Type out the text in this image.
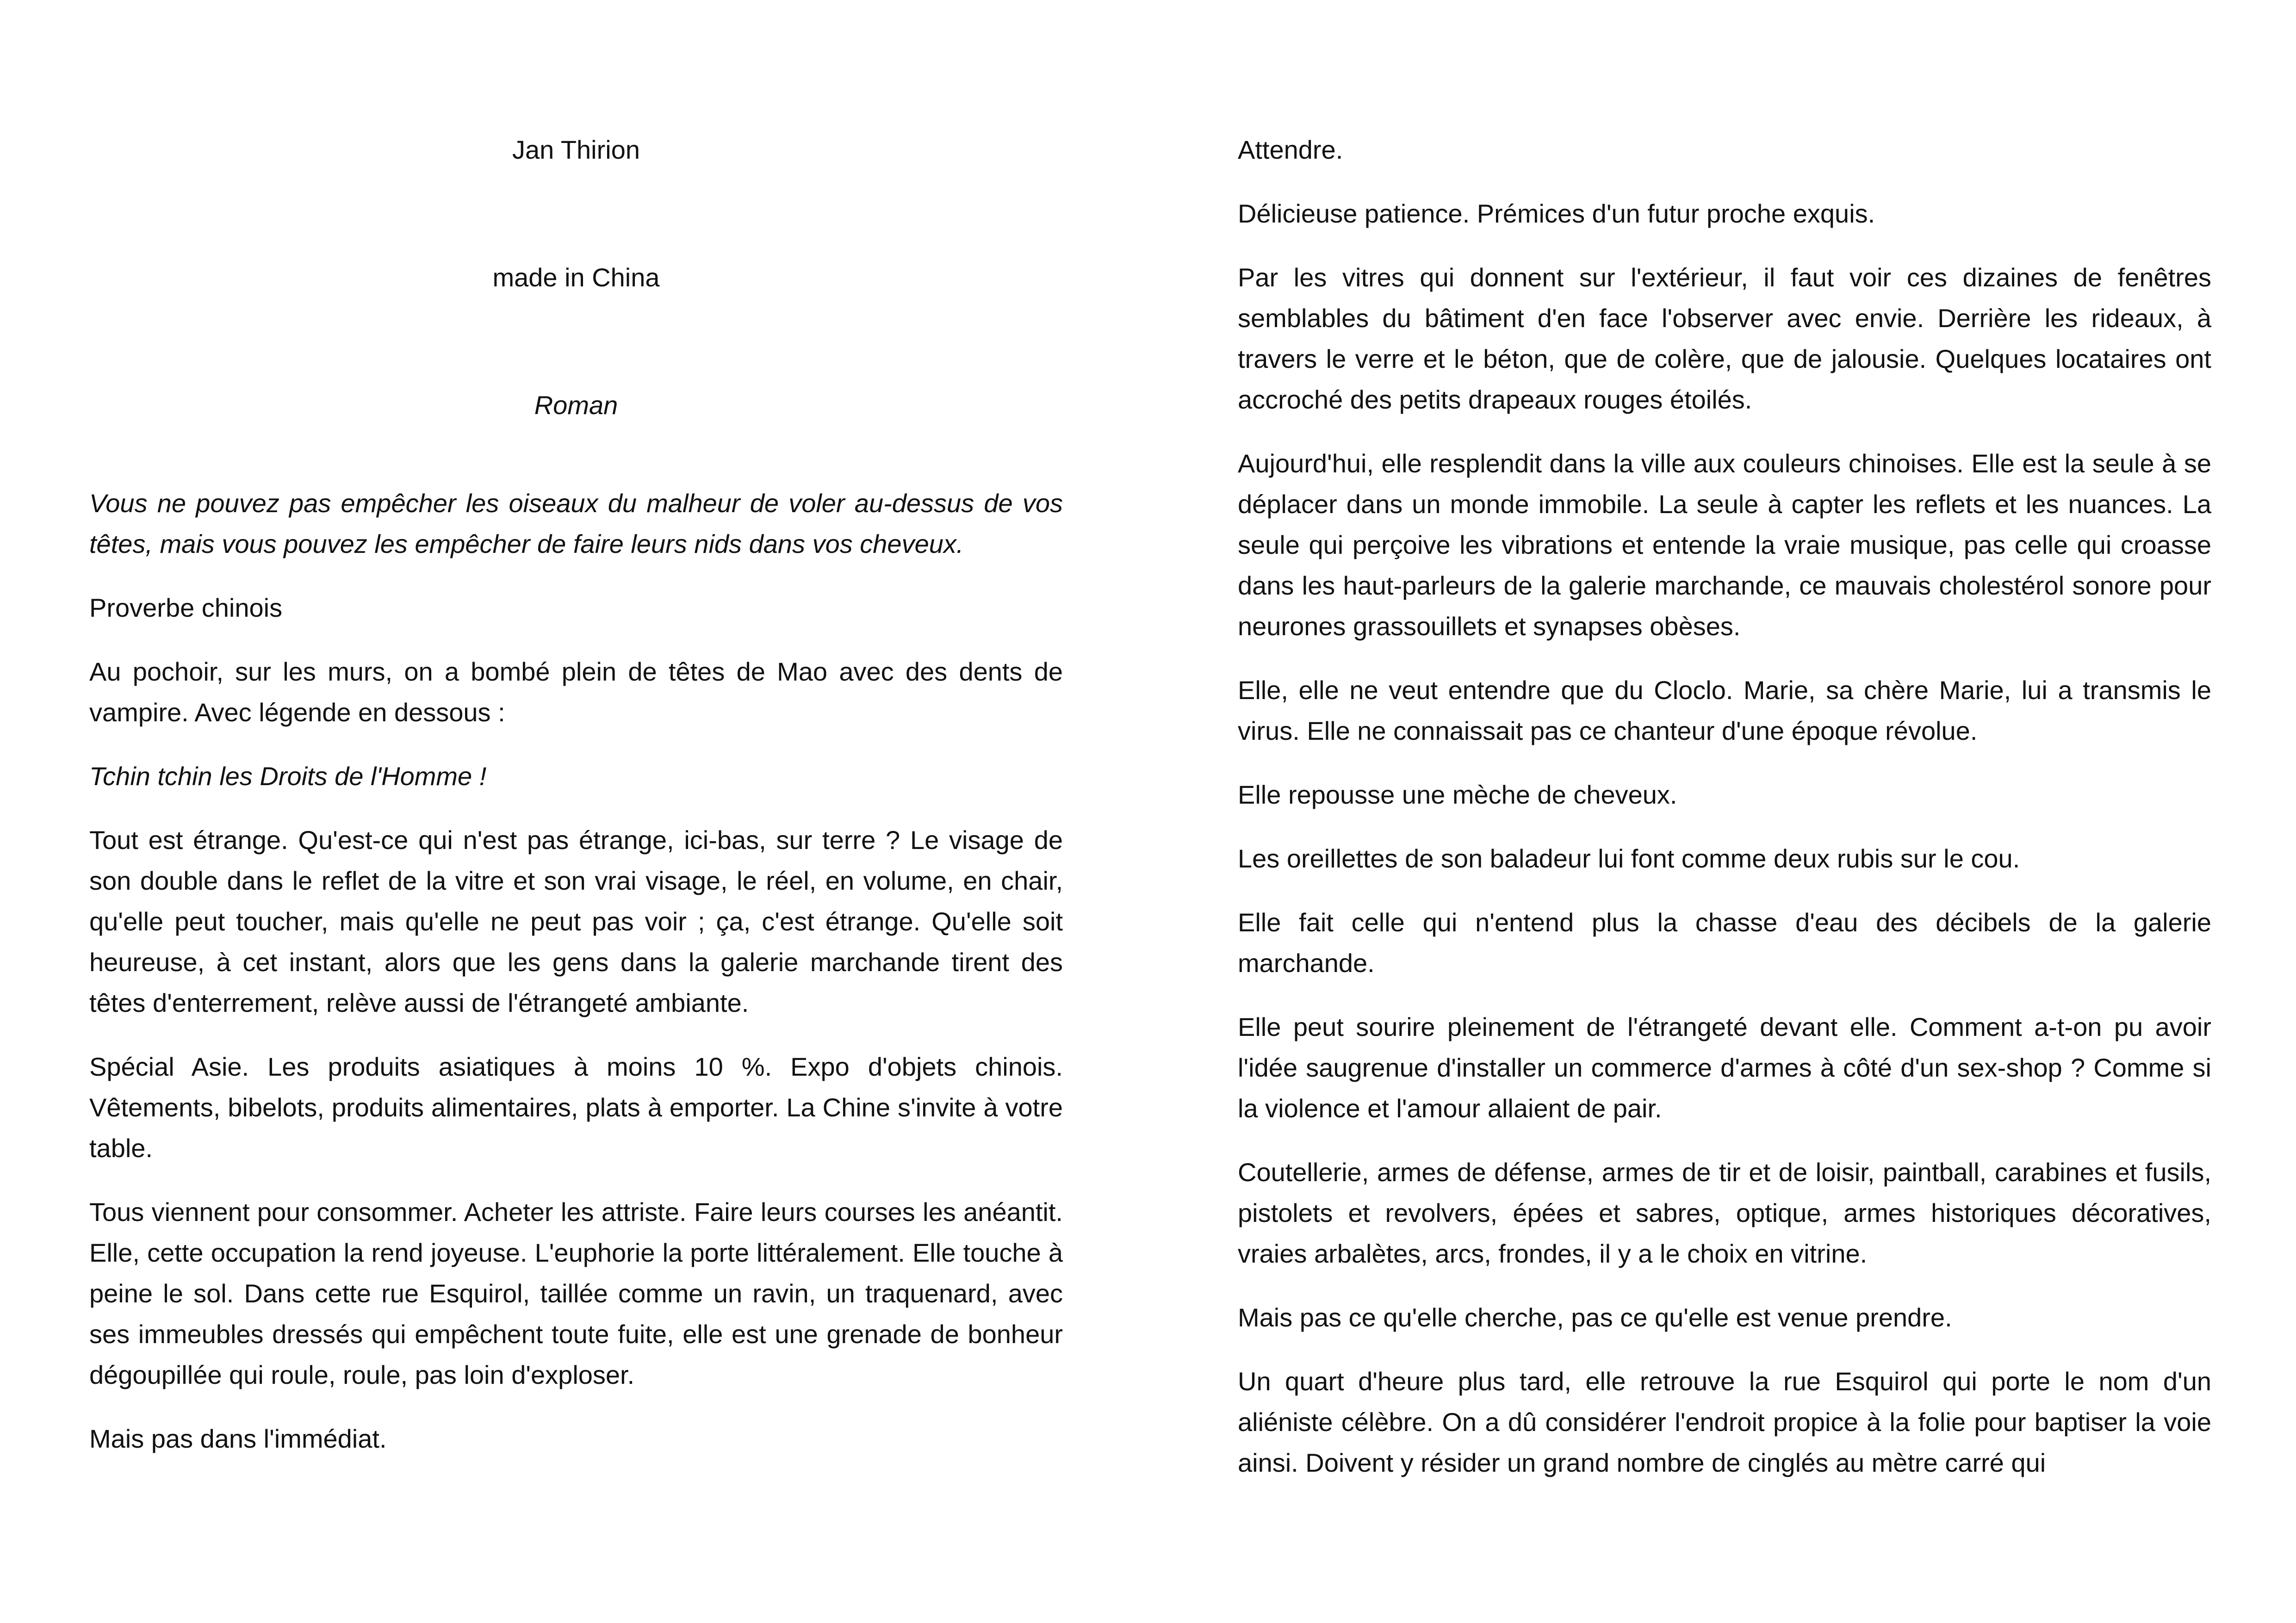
Jan Thirion

made in China

Roman

Vous ne pouvez pas empêcher les oiseaux du malheur de voler au-dessus de vos têtes, mais vous pouvez les empêcher de faire leurs nids dans vos cheveux.

Proverbe chinois

Au pochoir, sur les murs, on a bombé plein de têtes de Mao avec des dents de vampire. Avec légende en dessous :

Tchin tchin les Droits de l'Homme !

Tout est étrange. Qu'est-ce qui n'est pas étrange, ici-bas, sur terre ? Le visage de son double dans le reflet de la vitre et son vrai visage, le réel, en volume, en chair, qu'elle peut toucher, mais qu'elle ne peut pas voir ; ça, c'est étrange. Qu'elle soit heureuse, à cet instant, alors que les gens dans la galerie marchande tirent des têtes d'enterrement, relève aussi de l'étrangeté ambiante.

Spécial Asie. Les produits asiatiques à moins 10 %. Expo d'objets chinois. Vêtements, bibelots, produits alimentaires, plats à emporter. La Chine s'invite à votre table.

Tous viennent pour consommer. Acheter les attriste. Faire leurs courses les anéantit. Elle, cette occupation la rend joyeuse. L'euphorie la porte littéralement. Elle touche à peine le sol. Dans cette rue Esquirol, taillée comme un ravin, un traquenard, avec ses immeubles dressés qui empêchent toute fuite, elle est une grenade de bonheur dégoupillée qui roule, roule, pas loin d'exploser.

Mais pas dans l'immédiat.

Attendre.

Délicieuse patience. Prémices d'un futur proche exquis.

Par les vitres qui donnent sur l'extérieur, il faut voir ces dizaines de fenêtres semblables du bâtiment d'en face l'observer avec envie. Derrière les rideaux, à travers le verre et le béton, que de colère, que de jalousie. Quelques locataires ont accroché des petits drapeaux rouges étoilés.

Aujourd'hui, elle resplendit dans la ville aux couleurs chinoises. Elle est la seule à se déplacer dans un monde immobile. La seule à capter les reflets et les nuances. La seule qui perçoive les vibrations et entende la vraie musique, pas celle qui croasse dans les haut-parleurs de la galerie marchande, ce mauvais cholestérol sonore pour neurones grassouillets et synapses obèses.

Elle, elle ne veut entendre que du Cloclo. Marie, sa chère Marie, lui a transmis le virus. Elle ne connaissait pas ce chanteur d'une époque révolue.

Elle repousse une mèche de cheveux.

Les oreillettes de son baladeur lui font comme deux rubis sur le cou.

Elle fait celle qui n'entend plus la chasse d'eau des décibels de la galerie marchande.

Elle peut sourire pleinement de l'étrangeté devant elle. Comment a-t-on pu avoir l'idée saugrenue d'installer un commerce d'armes à côté d'un sex-shop ? Comme si la violence et l'amour allaient de pair.

Coutellerie, armes de défense, armes de tir et de loisir, paintball, carabines et fusils, pistolets et revolvers, épées et sabres, optique, armes historiques décoratives, vraies arbalètes, arcs, frondes, il y a le choix en vitrine.

Mais pas ce qu'elle cherche, pas ce qu'elle est venue prendre.

Un quart d'heure plus tard, elle retrouve la rue Esquirol qui porte le nom d'un aliéniste célèbre. On a dû considérer l'endroit propice à la folie pour baptiser la voie ainsi. Doivent y résider un grand nombre de cinglés au mètre carré qui
